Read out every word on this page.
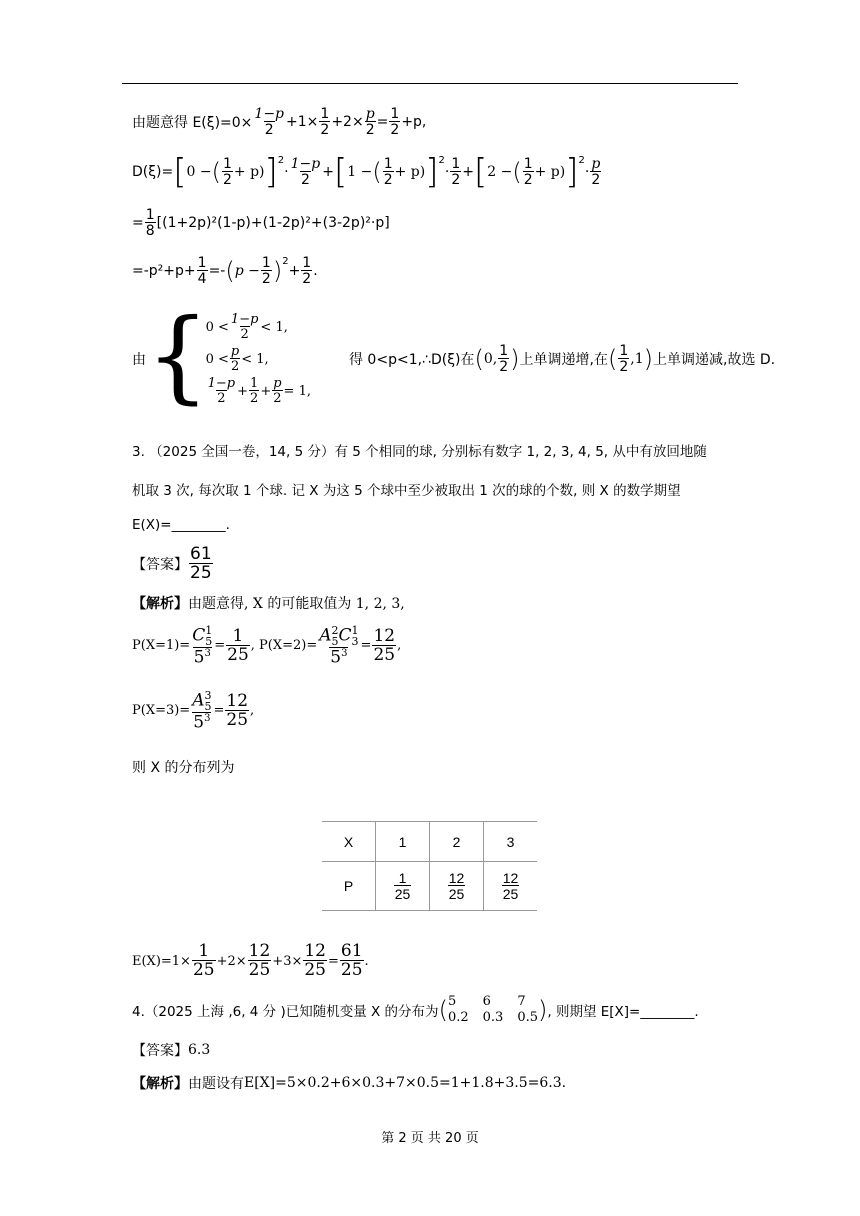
由题意得 $E(\xi)=0\times \frac{1-p}{2} +1\times \frac{1}{2} +2\times \frac{p}{2} = \frac{1}{2} +p$,
D(ξ)= [ 0 − ( $\frac{1}{2} + p$) ]$^2$
· $\frac{1-p}{2}$ + [ 1 − ( $\frac{1}{2} + p$) ]$^2$
· $\frac{1}{2}$ + [ 2 − ( $\frac{1}{2} + p$) ]$^2$
· $\frac{p}{2}$
= $\frac{1}{8} [(1+2p)^2(1-p)+(1-2p)^2+(3-2p)^2\cdot p]$
$=-p^2+p+ \frac{1}{4}$ =- ( $p - \frac{1}{2} )^2$
+ $\frac{1}{2}$ .
由 {
$0 < \frac{1-p}{2} < 1$,
$0 < \frac{p}{2} < 1$,
$\frac{1-p}{2} + \frac{1}{2} + \frac{p}{2} = 1$,
得 0<p<1,∴D(ξ)在 ( 0, $\frac{1}{2}$ ) 上单调递增,在 ( $\frac{1}{2}$ , 1 ) 上单调递减,故选 D.
3. （2025 全国一卷，14, 5 分）有 5 个相同的球, 分别标有数字 1, 2, 3, 4, 5, 从中有放回地随
机取 3 次, 每次取 1 个球. 记 X 为这 5 个球中至少被取出 1 次的球的个数, 则 X 的数学期望
E(X)=________.
【答案】 $\frac{61}{25}$
【解析】 由题意得, X 的可能取值为 1, 2, 3,
P(X=1)= C 1
5
$5^3 = \frac{1}{25}$ , P(X=2)= A 2
5 C 1
3
$5^3 = \frac{12}{25}$ ,
P(X=3)= A 3
5
$5^3 = \frac{12}{25}$ ,
则 X 的分布列为
X	1	2	3
P	$\frac{1}{25}$	$\frac{12}{25}$	$\frac{12}{25}$
$E(X)=1\times \frac{1}{25} +2\times \frac{12}{25} +3\times \frac{12}{25} = \frac{61}{25}$ .
4.（2025 上海 ,6, 4 分 )已知随机变量 X 的分布为 ( 5	6	7
0.2 0.3 0.5 ) , 则期望 E[X]=________.
【答案】 6.3
【解析】 由题设有 E[X]=5×0.2+6×0.3+7×0.5=1+1.8+3.5=6.3.
第 2 页 共 20 页
